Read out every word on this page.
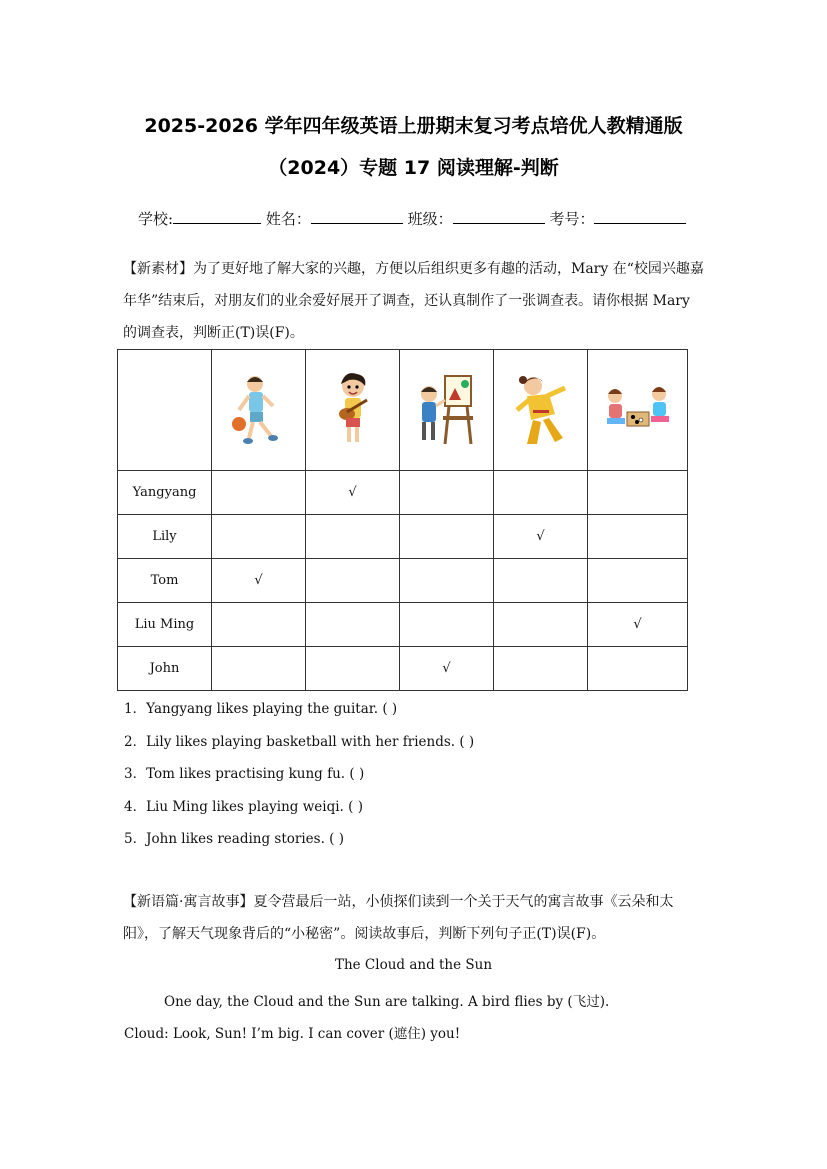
2025-2026 学年四年级英语上册期末复习考点培优人教精通版
（2024）专题 17 阅读理解-判断
学校:	姓名：	班级：	考号：
【新素材】为了更好地了解大家的兴趣，方便以后组织更多有趣的活动，Mary 在“校园兴趣嘉年华”结束后，对朋友们的业余爱好展开了调查，还认真制作了一张调查表。请你根据 Mary 的调查表，判断正(T)误(F)。

Yangyang		√			
Lily				√	
Tom	√				
Liu Ming					√
John			√		
1．Yangyang likes playing the guitar. ( )
2．Lily likes playing basketball with her friends. ( )
3．Tom likes practising kung fu. ( )
4．Liu Ming likes playing weiqi. ( )
5．John likes reading stories. ( )
【新语篇·寓言故事】夏令营最后一站，小侦探们读到一个关于天气的寓言故事《云朵和太阳》，了解天气现象背后的“小秘密”。阅读故事后，判断下列句子正(T)误(F)。
The Cloud and the Sun
One day, the Cloud and the Sun are talking. A bird flies by (飞过).
Cloud: Look, Sun! I’m big. I can cover (遮住) you!
